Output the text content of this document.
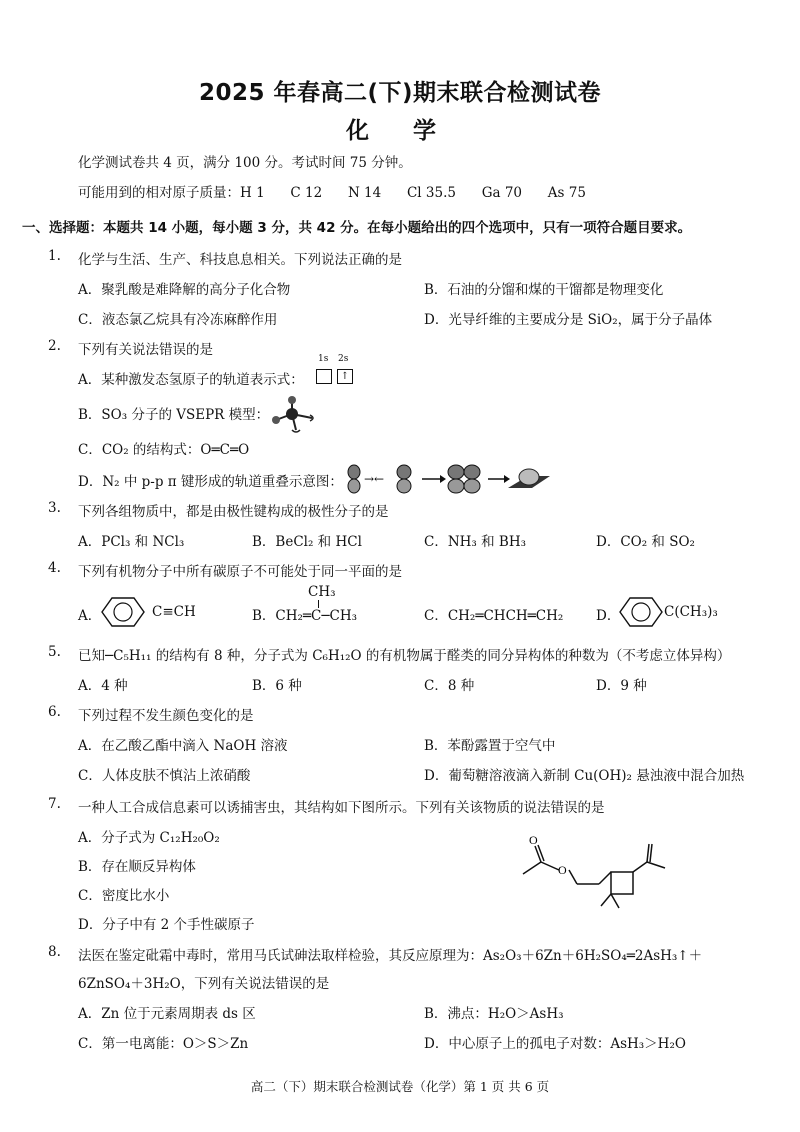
2025 年春高二(下)期末联合检测试卷
化 学
化学测试卷共 4 页，满分 100 分。考试时间 75 分钟。
可能用到的相对原子质量：H 1      C 12      N 14      Cl 35.5      Ga 70      As 75
一、选择题：本题共 14 小题，每小题 3 分，共 42 分。在每小题给出的四个选项中，只有一项符合题目要求。
1.	化学与生活、生产、科技息息相关。下列说法正确的是
A．聚乳酸是难降解的高分子化合物	B．石油的分馏和煤的干馏都是物理变化
C．液态氯乙烷具有冷冻麻醉作用	D．光导纤维的主要成分是 SiO₂，属于分子晶体
2.	下列有关说法错误的是
A．某种激发态氢原子的轨道表示式：
1s 2s
↑
B．SO₃ 分子的 VSEPR 模型：
C．CO₂ 的结构式：O═C═O
D．N₂ 中 p-p π 键形成的轨道重叠示意图： →←
3.	下列各组物质中，都是由极性键构成的极性分子的是
A．PCl₃ 和 NCl₃	B．BeCl₂ 和 HCl	C．NH₃ 和 BH₃	D．CO₂ 和 SO₂
4.	下列有机物分子中所有碳原子不可能处于同一平面的是
A．	C≡CH
CH₃
B．CH₂═C─CH₃	C．CH₂═CHCH═CH₂ D．	C(CH₃)₃
5.	已知─C₅H₁₁ 的结构有 8 种，分子式为 C₆H₁₂O 的有机物属于醛类的同分异构体的种数为（不考虑立体异构）
A．4 种	B．6 种	C．8 种	D．9 种
6.	下列过程不发生颜色变化的是
A．在乙酸乙酯中滴入 NaOH 溶液	B．苯酚露置于空气中
C．人体皮肤不慎沾上浓硝酸	D．葡萄糖溶液滴入新制 Cu(OH)₂ 悬浊液中混合加热
7.	一种人工合成信息素可以诱捕害虫，其结构如下图所示。下列有关该物质的说法错误的是
A．分子式为 C₁₂H₂₀O₂
B．存在顺反异构体
C．密度比水小
D．分子中有 2 个手性碳原子
O
O
8.	法医在鉴定砒霜中毒时，常用马氏试砷法取样检验，其反应原理为：As₂O₃＋6Zn＋6H₂SO₄═2AsH₃↑＋
6ZnSO₄＋3H₂O，下列有关说法错误的是
A．Zn 位于元素周期表 ds 区	B．沸点：H₂O＞AsH₃
C．第一电离能：O＞S＞Zn	D．中心原子上的孤电子对数：AsH₃＞H₂O
高二（下）期末联合检测试卷（化学）第 1 页 共 6 页
